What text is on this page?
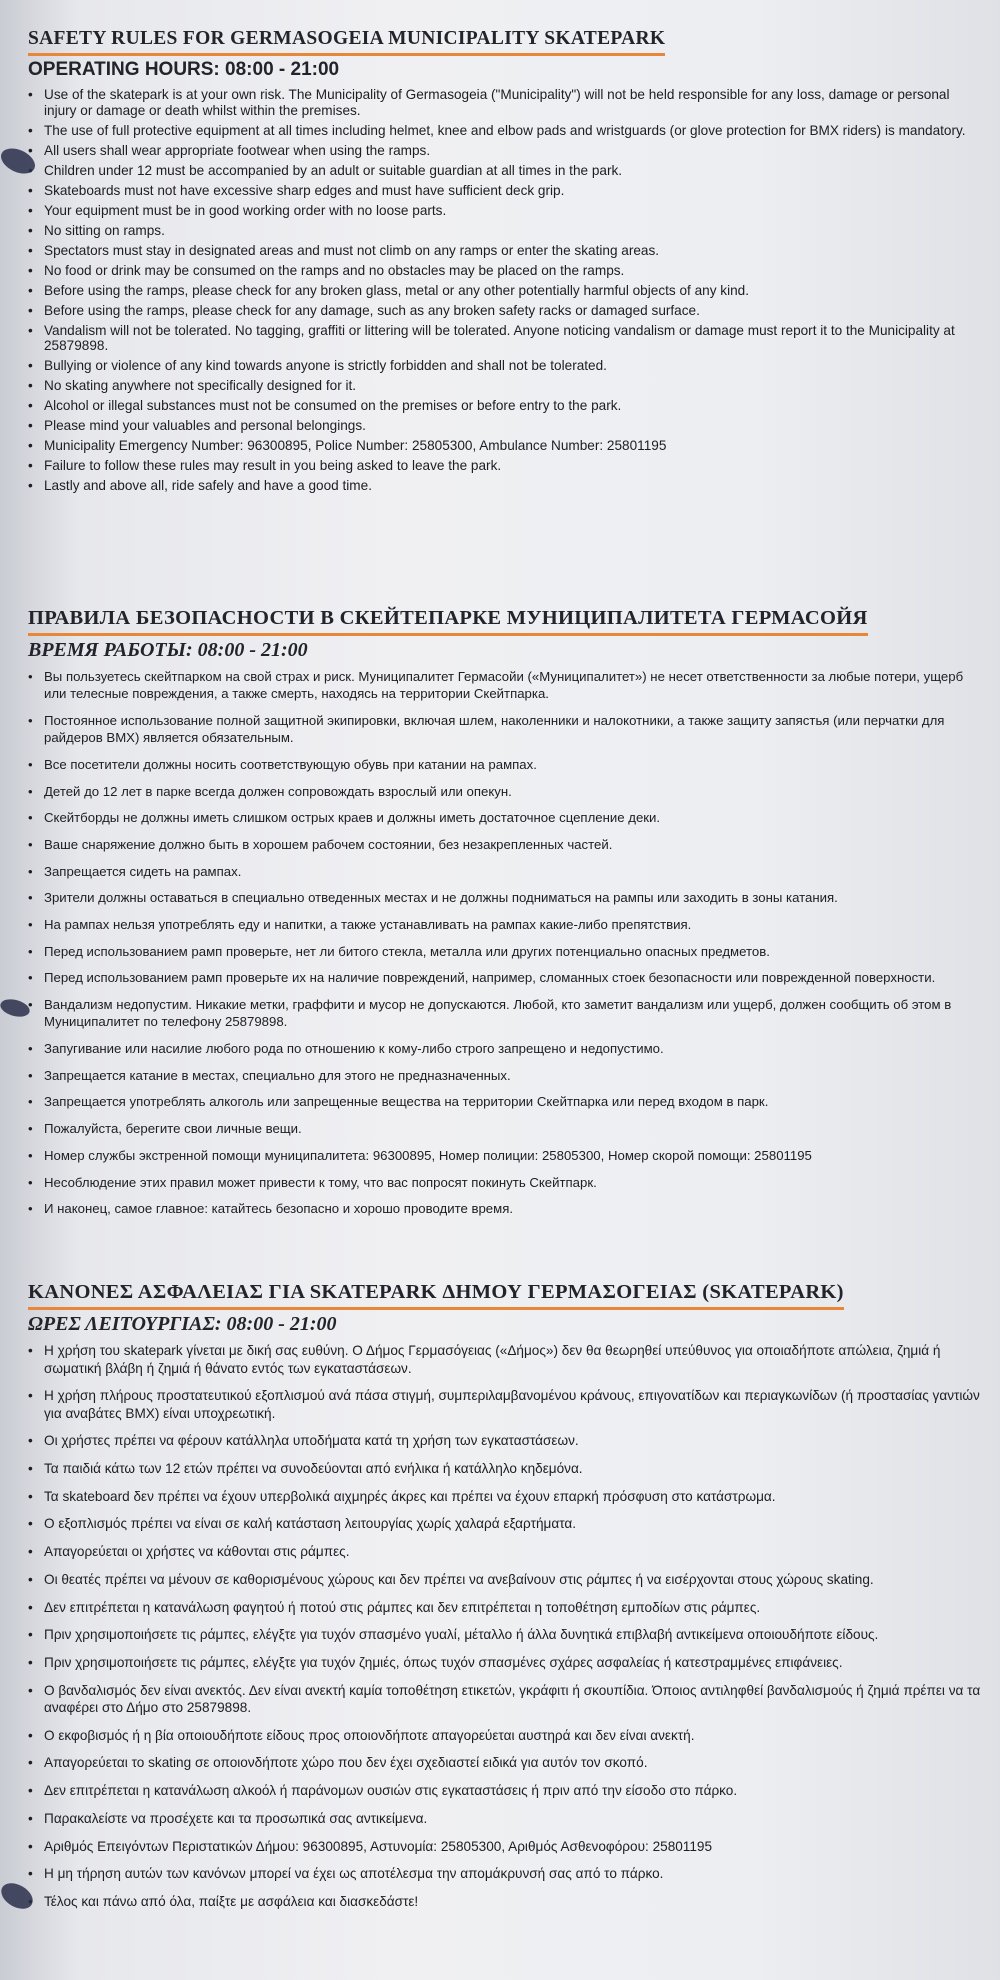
SAFETY RULES FOR GERMASOGEIA MUNICIPALITY SKATEPARK
OPERATING HOURS: 08:00 - 21:00
• Use of the skatepark is at your own risk. The Municipality of Germasogeia ("Municipality") will not be held responsible for any loss, damage or personal injury or damage or death whilst within the premises.
• The use of full protective equipment at all times including helmet, knee and elbow pads and wristguards (or glove protection for BMX riders) is mandatory.
• All users shall wear appropriate footwear when using the ramps.
• Children under 12 must be accompanied by an adult or suitable guardian at all times in the park.
• Skateboards must not have excessive sharp edges and must have sufficient deck grip.
• Your equipment must be in good working order with no loose parts.
• No sitting on ramps.
• Spectators must stay in designated areas and must not climb on any ramps or enter the skating areas.
• No food or drink may be consumed on the ramps and no obstacles may be placed on the ramps.
• Before using the ramps, please check for any broken glass, metal or any other potentially harmful objects of any kind.
• Before using the ramps, please check for any damage, such as any broken safety racks or damaged surface.
• Vandalism will not be tolerated. No tagging, graffiti or littering will be tolerated. Anyone noticing vandalism or damage must report it to the Municipality at 25879898.
• Bullying or violence of any kind towards anyone is strictly forbidden and shall not be tolerated.
• No skating anywhere not specifically designed for it.
• Alcohol or illegal substances must not be consumed on the premises or before entry to the park.
• Please mind your valuables and personal belongings.
• Municipality Emergency Number: 96300895, Police Number: 25805300, Ambulance Number: 25801195
• Failure to follow these rules may result in you being asked to leave the park.
• Lastly and above all, ride safely and have a good time.
ПРАВИЛА БЕЗОПАСНОСТИ В СКЕЙТЕПАРКЕ МУНИЦИПАЛИТЕТА ГЕРМАСОЙЯ
ВРЕМЯ РАБОТЫ: 08:00 - 21:00
• Вы пользуетесь скейтпарком на свой страх и риск. Муниципалитет Гермасойи («Муниципалитет») не несет ответственности за любые потери, ущерб или телесные повреждения, а также смерть, находясь на территории Скейтпарка.
• Постоянное использование полной защитной экипировки, включая шлем, наколенники и налокотники, а также защиту запястья (или перчатки для райдеров BMX) является обязательным.
• Все посетители должны носить соответствующую обувь при катании на рампах.
• Детей до 12 лет в парке всегда должен сопровождать взрослый или опекун.
• Скейтборды не должны иметь слишком острых краев и должны иметь достаточное сцепление деки.
• Ваше снаряжение должно быть в хорошем рабочем состоянии, без незакрепленных частей.
• Запрещается сидеть на рампах.
• Зрители должны оставаться в специально отведенных местах и не должны подниматься на рампы или заходить в зоны катания.
• На рампах нельзя употреблять еду и напитки, а также устанавливать на рампах какие-либо препятствия.
• Перед использованием рамп проверьте, нет ли битого стекла, металла или других потенциально опасных предметов.
• Перед использованием рамп проверьте их на наличие повреждений, например, сломанных стоек безопасности или поврежденной поверхности.
• Вандализм недопустим. Никакие метки, граффити и мусор не допускаются. Любой, кто заметит вандализм или ущерб, должен сообщить об этом в Муниципалитет по телефону 25879898.
• Запугивание или насилие любого рода по отношению к кому-либо строго запрещено и недопустимо.
• Запрещается катание в местах, специально для этого не предназначенных.
• Запрещается употреблять алкоголь или запрещенные вещества на территории Скейтпарка или перед входом в парк.
• Пожалуйста, берегите свои личные вещи.
• Номер службы экстренной помощи муниципалитета: 96300895, Номер полиции: 25805300, Номер скорой помощи: 25801195
• Несоблюдение этих правил может привести к тому, что вас попросят покинуть Скейтпарк.
• И наконец, самое главное: катайтесь безопасно и хорошо проводите время.
ΚΑΝΟΝΕΣ ΑΣΦΑΛΕΙΑΣ ΓΙΑ SKATEPARK ΔΗΜΟΥ ΓΕΡΜΑΣΟΓΕΙΑΣ (SKATEPARK)
ΩΡΕΣ ΛΕΙΤΟΥΡΓΙΑΣ: 08:00 - 21:00
• Η χρήση του skatepark γίνεται με δική σας ευθύνη. Ο Δήμος Γερμασόγειας («Δήμος») δεν θα θεωρηθεί υπεύθυνος για οποιαδήποτε απώλεια, ζημιά ή σωματική βλάβη ή ζημιά ή θάνατο εντός των εγκαταστάσεων.
• Η χρήση πλήρους προστατευτικού εξοπλισμού ανά πάσα στιγμή, συμπεριλαμβανομένου κράνους, επιγονατίδων και περιαγκωνίδων (ή προστασίας γαντιών για αναβάτες BMX) είναι υποχρεωτική.
• Οι χρήστες πρέπει να φέρουν κατάλληλα υποδήματα κατά τη χρήση των εγκαταστάσεων.
• Τα παιδιά κάτω των 12 ετών πρέπει να συνοδεύονται από ενήλικα ή κατάλληλο κηδεμόνα.
• Τα skateboard δεν πρέπει να έχουν υπερβολικά αιχμηρές άκρες και πρέπει να έχουν επαρκή πρόσφυση στο κατάστρωμα.
• Ο εξοπλισμός πρέπει να είναι σε καλή κατάσταση λειτουργίας χωρίς χαλαρά εξαρτήματα.
• Απαγορεύεται οι χρήστες να κάθονται στις ράμπες.
• Οι θεατές πρέπει να μένουν σε καθορισμένους χώρους και δεν πρέπει να ανεβαίνουν στις ράμπες ή να εισέρχονται στους χώρους skating.
• Δεν επιτρέπεται η κατανάλωση φαγητού ή ποτού στις ράμπες και δεν επιτρέπεται η τοποθέτηση εμποδίων στις ράμπες.
• Πριν χρησιμοποιήσετε τις ράμπες, ελέγξτε για τυχόν σπασμένο γυαλί, μέταλλο ή άλλα δυνητικά επιβλαβή αντικείμενα οποιουδήποτε είδους.
• Πριν χρησιμοποιήσετε τις ράμπες, ελέγξτε για τυχόν ζημιές, όπως τυχόν σπασμένες σχάρες ασφαλείας ή κατεστραμμένες επιφάνειες.
• Ο βανδαλισμός δεν είναι ανεκτός. Δεν είναι ανεκτή καμία τοποθέτηση ετικετών, γκράφιτι ή σκουπίδια. Όποιος αντιληφθεί βανδαλισμούς ή ζημιά πρέπει να τα αναφέρει στο Δήμο στο 25879898.
• Ο εκφοβισμός ή η βία οποιουδήποτε είδους προς οποιονδήποτε απαγορεύεται αυστηρά και δεν είναι ανεκτή.
• Απαγορεύεται το skating σε οποιονδήποτε χώρο που δεν έχει σχεδιαστεί ειδικά για αυτόν τον σκοπό.
• Δεν επιτρέπεται η κατανάλωση αλκοόλ ή παράνομων ουσιών στις εγκαταστάσεις ή πριν από την είσοδο στο πάρκο.
• Παρακαλείστε να προσέχετε και τα προσωπικά σας αντικείμενα.
• Αριθμός Επειγόντων Περιστατικών Δήμου: 96300895, Αστυνομία: 25805300, Αριθμός Ασθενοφόρου: 25801195
• Η μη τήρηση αυτών των κανόνων μπορεί να έχει ως αποτέλεσμα την απομάκρυνσή σας από το πάρκο.
• Τέλος και πάνω από όλα, παίξτε με ασφάλεια και διασκεδάστε!
